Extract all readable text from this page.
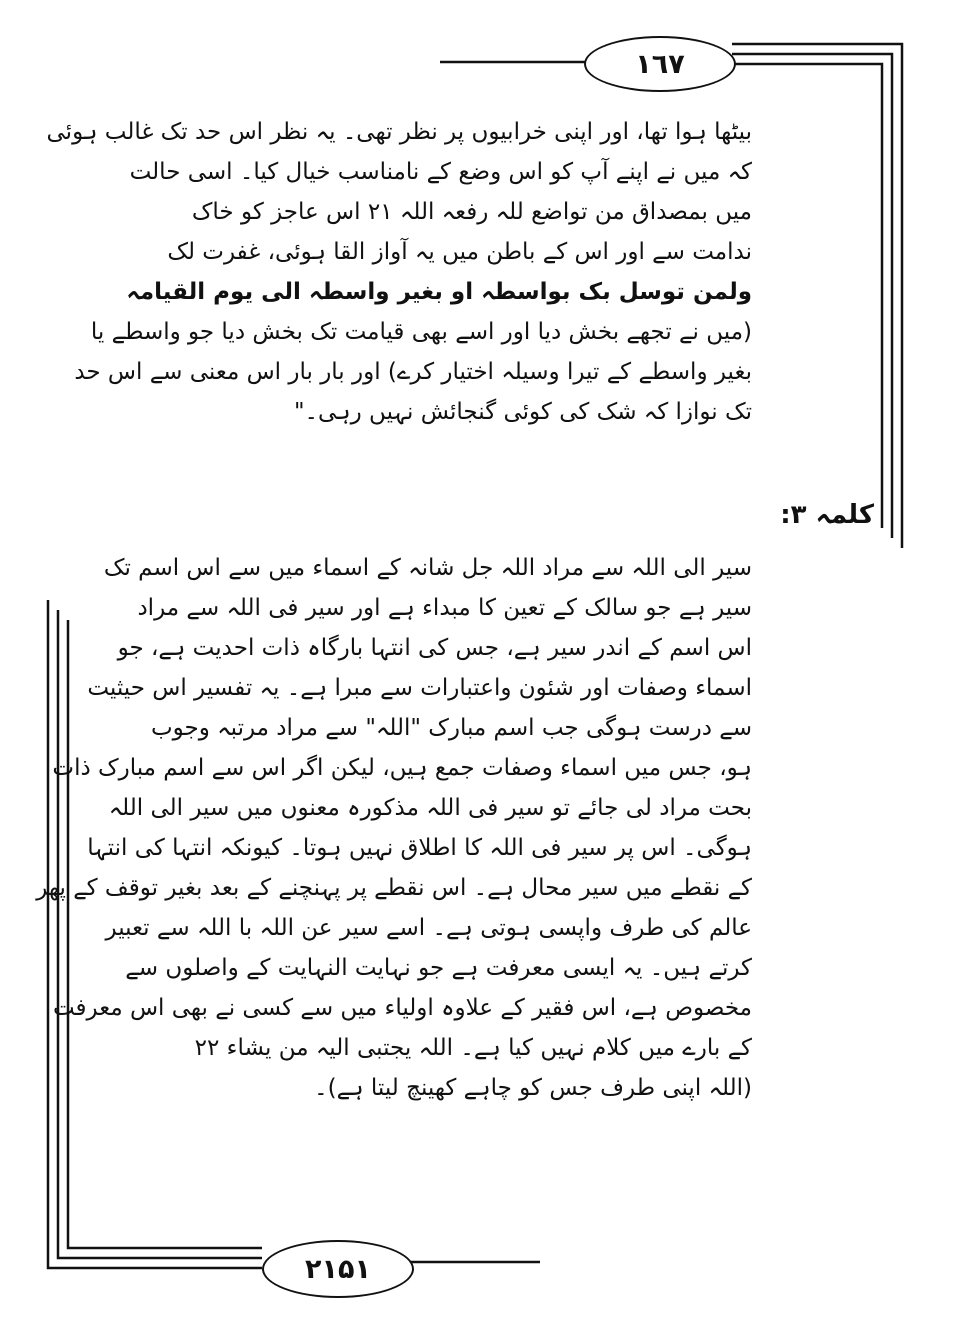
١٦٧
۲۱۵۱
بیٹھا ہوا تھا، اور اپنی خرابیوں پر نظر تھی۔ یہ نظر اس حد تک غالب ہوئی
کہ میں نے اپنے آپ کو اس وضع کے نامناسب خیال کیا۔ اسی حالت
میں بمصداق من تواضع للہ رفعہ اللہ ۲۱ اس عاجز کو خاک
ندامت سے اور اس کے باطن میں یہ آواز القا ہوئی، غفرت لک
ولمن توسل بک بواسطہ او بغیر واسطہ الی یوم القیامہ
(میں نے تجھے بخش دیا اور اسے بھی قیامت تک بخش دیا جو واسطے یا
بغیر واسطے کے تیرا وسیلہ اختیار کرے) اور بار بار اس معنی سے اس حد
تک نوازا کہ شک کی کوئی گنجائش نہیں رہی۔"
کلمہ ۳:
سیر الی اللہ سے مراد اللہ جل شانہ کے اسماء میں سے اس اسم تک
سیر ہے جو سالک کے تعین کا مبداء ہے اور سیر فی اللہ سے مراد
اس اسم کے اندر سیر ہے، جس کی انتہا بارگاہ ذات احدیت ہے، جو
اسماء وصفات اور شئون واعتبارات سے مبرا ہے۔ یہ تفسیر اس حیثیت
سے درست ہوگی جب اسم مبارک "اللہ" سے مراد مرتبہ وجوب
ہو، جس میں اسماء وصفات جمع ہیں، لیکن اگر اس سے اسم مبارک ذات
بحت مراد لی جائے تو سیر فی اللہ مذکورہ معنوں میں سیر الی اللہ
ہوگی۔ اس پر سیر فی اللہ کا اطلاق نہیں ہوتا۔ کیونکہ انتہا کی انتہا
کے نقطے میں سیر محال ہے۔ اس نقطے پر پہنچنے کے بعد بغیر توقف کے پھر
عالم کی طرف واپسی ہوتی ہے۔ اسے سیر عن اللہ با اللہ سے تعبیر
کرتے ہیں۔ یہ ایسی معرفت ہے جو نہایت النہایت کے واصلوں سے
مخصوص ہے، اس فقیر کے علاوہ اولیاء میں سے کسی نے بھی اس معرفت
کے بارے میں کلام نہیں کیا ہے۔ اللہ یجتبی الیہ من یشاء ۲۲
(اللہ اپنی طرف جس کو چاہے کھینچ لیتا ہے)۔
